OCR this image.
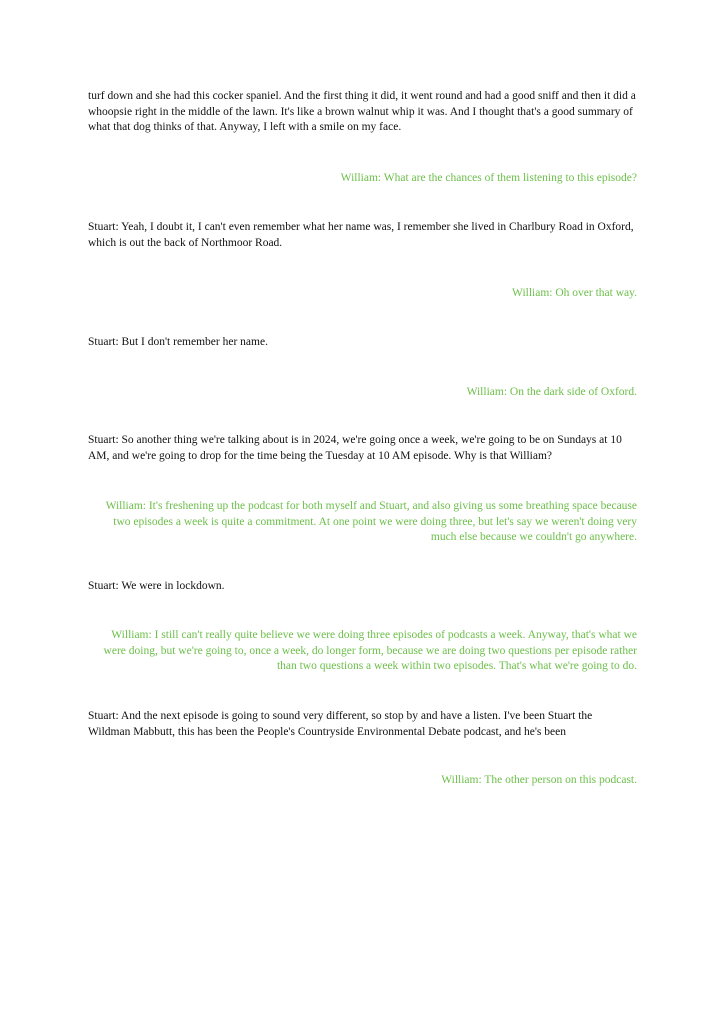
turf down and she had this cocker spaniel. And the first thing it did, it went round and had a good sniff and then it did a whoopsie right in the middle of the lawn. It's like a brown walnut whip it was. And I thought that's a good summary of what that dog thinks of that. Anyway, I left with a smile on my face.

William: What are the chances of them listening to this episode?

Stuart: Yeah, I doubt it, I can't even remember what her name was, I remember she lived in Charlbury Road in Oxford, which is out the back of Northmoor Road.

William: Oh over that way.

Stuart: But I don't remember her name.

William: On the dark side of Oxford.

Stuart: So another thing we're talking about is in 2024, we're going once a week, we're going to be on Sundays at 10 AM, and we're going to drop for the time being the Tuesday at 10 AM episode. Why is that William?

William: It's freshening up the podcast for both myself and Stuart, and also giving us some breathing space because two episodes a week is quite a commitment. At one point we were doing three, but let's say we weren't doing very much else because we couldn't go anywhere.

Stuart: We were in lockdown.

William: I still can't really quite believe we were doing three episodes of podcasts a week. Anyway, that's what we were doing, but we're going to, once a week, do longer form, because we are doing two questions per episode rather than two questions a week within two episodes. That's what we're going to do.

Stuart: And the next episode is going to sound very different, so stop by and have a listen. I've been Stuart the Wildman Mabbutt, this has been the People's Countryside Environmental Debate podcast, and he's been

William: The other person on this podcast.
